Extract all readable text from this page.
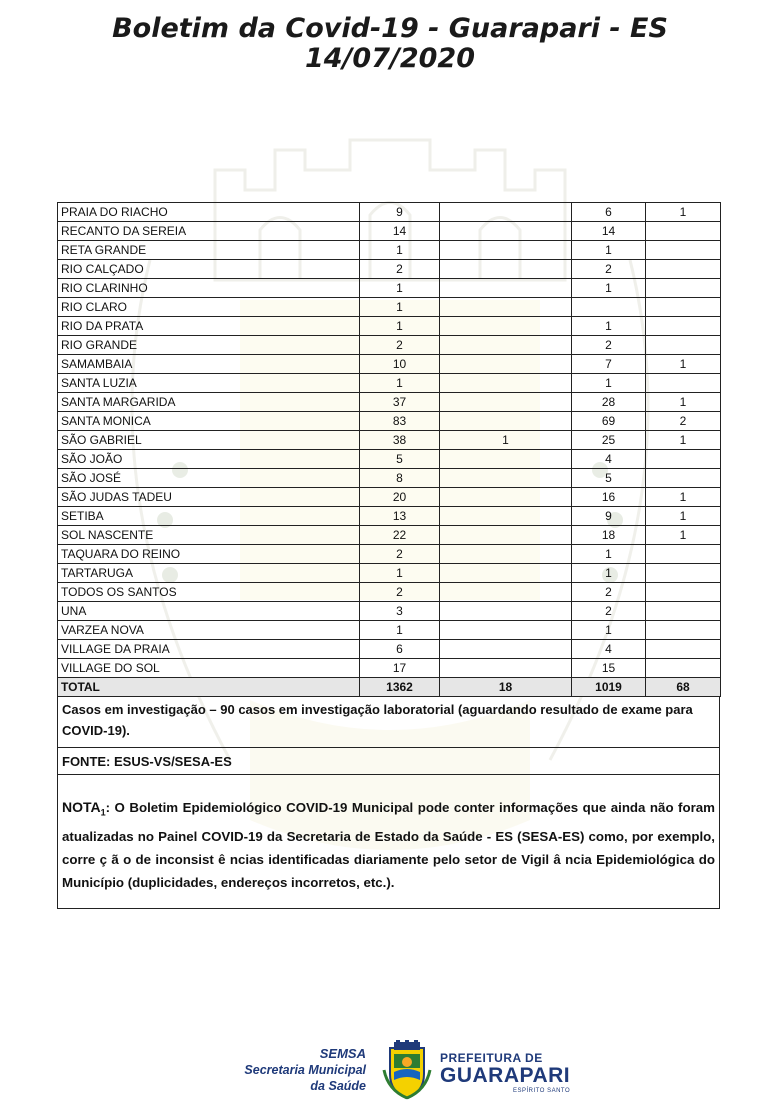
Boletim da Covid-19 - Guarapari - ES
14/07/2020
PRAIA DO RIACHO	9		6	1
RECANTO DA SEREIA	14		14	
RETA GRANDE	1		1	
RIO CALÇADO	2		2	
RIO CLARINHO	1		1	
RIO CLARO	1			
RIO DA PRATA	1		1	
RIO GRANDE	2		2	
SAMAMBAIA	10		7	1
SANTA LUZIA	1		1	
SANTA MARGARIDA	37		28	1
SANTA MONICA	83		69	2
SÃO GABRIEL	38	1	25	1
SÃO JOÃO	5		4	
SÃO JOSÉ	8		5	
SÃO JUDAS TADEU	20		16	1
SETIBA	13		9	1
SOL NASCENTE	22		18	1
TAQUARA DO REINO	2		1	
TARTARUGA	1		1	
TODOS OS SANTOS	2		2	
UNA	3		2	
VARZEA NOVA	1		1	
VILLAGE DA PRAIA	6		4	
VILLAGE DO SOL	17		15	
TOTAL	1362	18	1019	68
Casos em investigação – 90 casos em investigação laboratorial (aguardando resultado de exame para COVID-19).
FONTE: ESUS-VS/SESA-ES
$NOTA_1$: O Boletim Epidemiológico COVID-19 Municipal pode conter informações que ainda não foram atualizadas no Painel COVID-19 da Secretaria de Estado da Saúde - ES (SESA-ES) como, por exemplo, corre ç ã o de inconsist ê ncias identificadas diariamente pelo setor de Vigil â ncia Epidemiológica do Município (duplicidades, endereços incorretos, etc.).
SEMSA
Secretaria Municipal
da Saúde
PREFEITURA DE
GUARAPARI
ESPÍRITO SANTO
